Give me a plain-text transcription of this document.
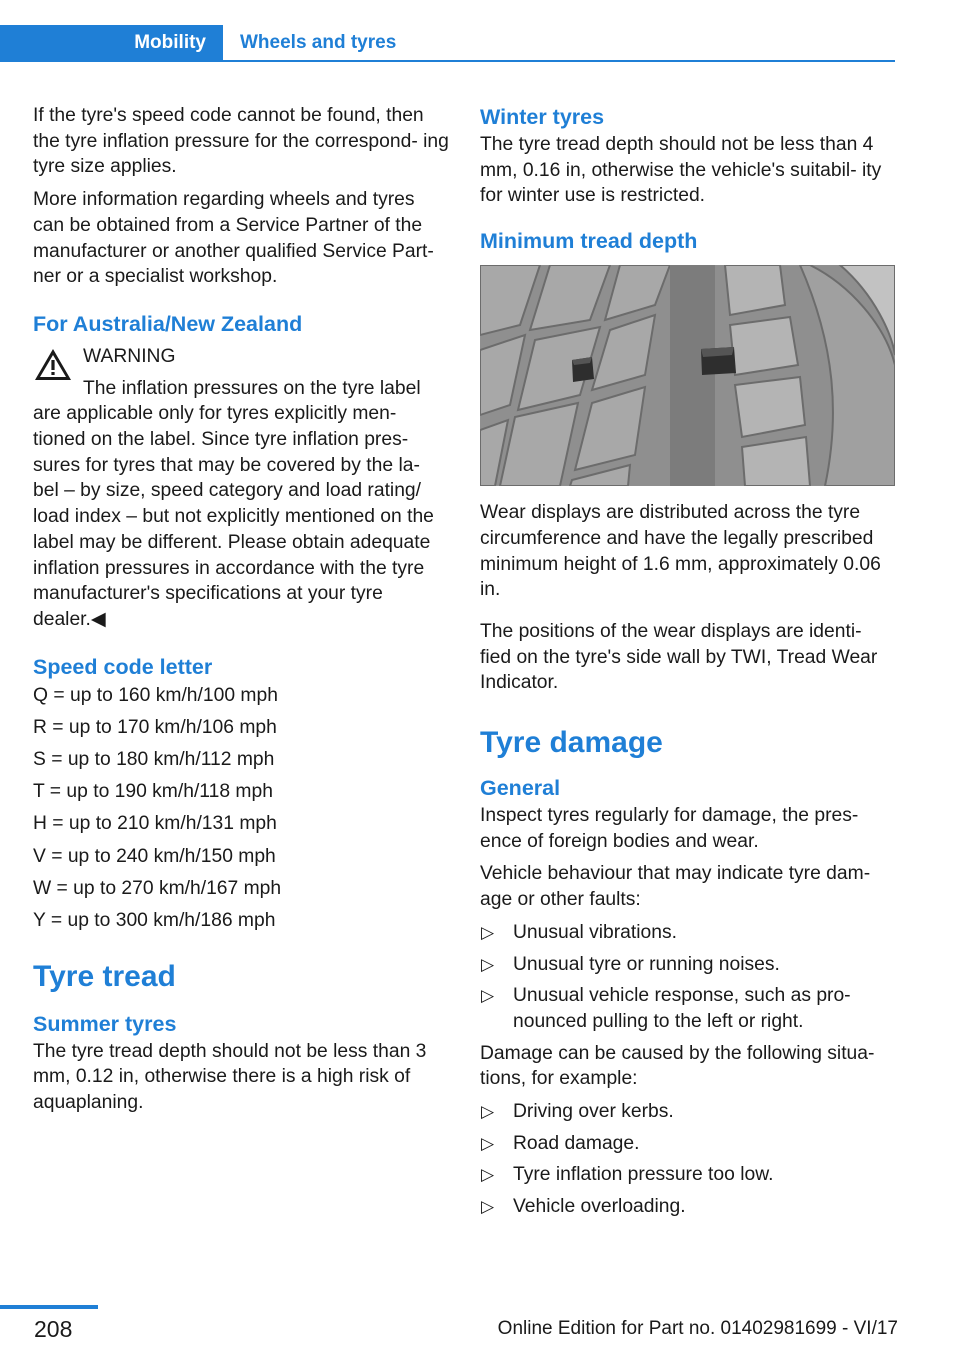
Mobility	Wheels and tyres

If the tyre's speed code cannot be found, then the tyre inflation pressure for the correspond‐ ing tyre size applies.

More information regarding wheels and tyres can be obtained from a Service Partner of the manufacturer or another qualified Service Part‐ ner or a specialist workshop.

For Australia/New Zealand
WARNING

The inflation pressures on the tyre label are applicable only for tyres explicitly men‐ tioned on the label. Since tyre inflation pres‐ sures for tyres that may be covered by the la‐ bel – by size, speed category and load rating/ load index – but not explicitly mentioned on the label may be different. Please obtain adequate inflation pressures in accordance with the tyre manufacturer's specifications at your tyre dealer.◀

Speed code letter

Q = up to 160 km/h/100 mph

R = up to 170 km/h/106 mph

S = up to 180 km/h/112 mph

T = up to 190 km/h/118 mph

H = up to 210 km/h/131 mph

V = up to 240 km/h/150 mph

W = up to 270 km/h/167 mph

Y = up to 300 km/h/186 mph

Tyre tread
Summer tyres

The tyre tread depth should not be less than 3 mm, 0.12 in, otherwise there is a high risk of aquaplaning.

Winter tyres

The tyre tread depth should not be less than 4 mm, 0.16 in, otherwise the vehicle's suitabil‐ ity for winter use is restricted.

Minimum tread depth

Wear displays are distributed across the tyre circumference and have the legally prescribed minimum height of 1.6 mm, approximately 0.06 in.

The positions of the wear displays are identi‐ fied on the tyre's side wall by TWI, Tread Wear Indicator.

Tyre damage
General

Inspect tyres regularly for damage, the pres‐ ence of foreign bodies and wear.

Vehicle behaviour that may indicate tyre dam‐ age or other faults:

▷ Unusual vibrations.
▷ Unusual tyre or running noises.
▷ Unusual vehicle response, such as pro‐ nounced pulling to the left or right.

Damage can be caused by the following situa‐ tions, for example:

▷ Driving over kerbs.
▷ Road damage.
▷ Tyre inflation pressure too low.
▷ Vehicle overloading.
208	Online Edition for Part no. 01402981699 - VI/17
